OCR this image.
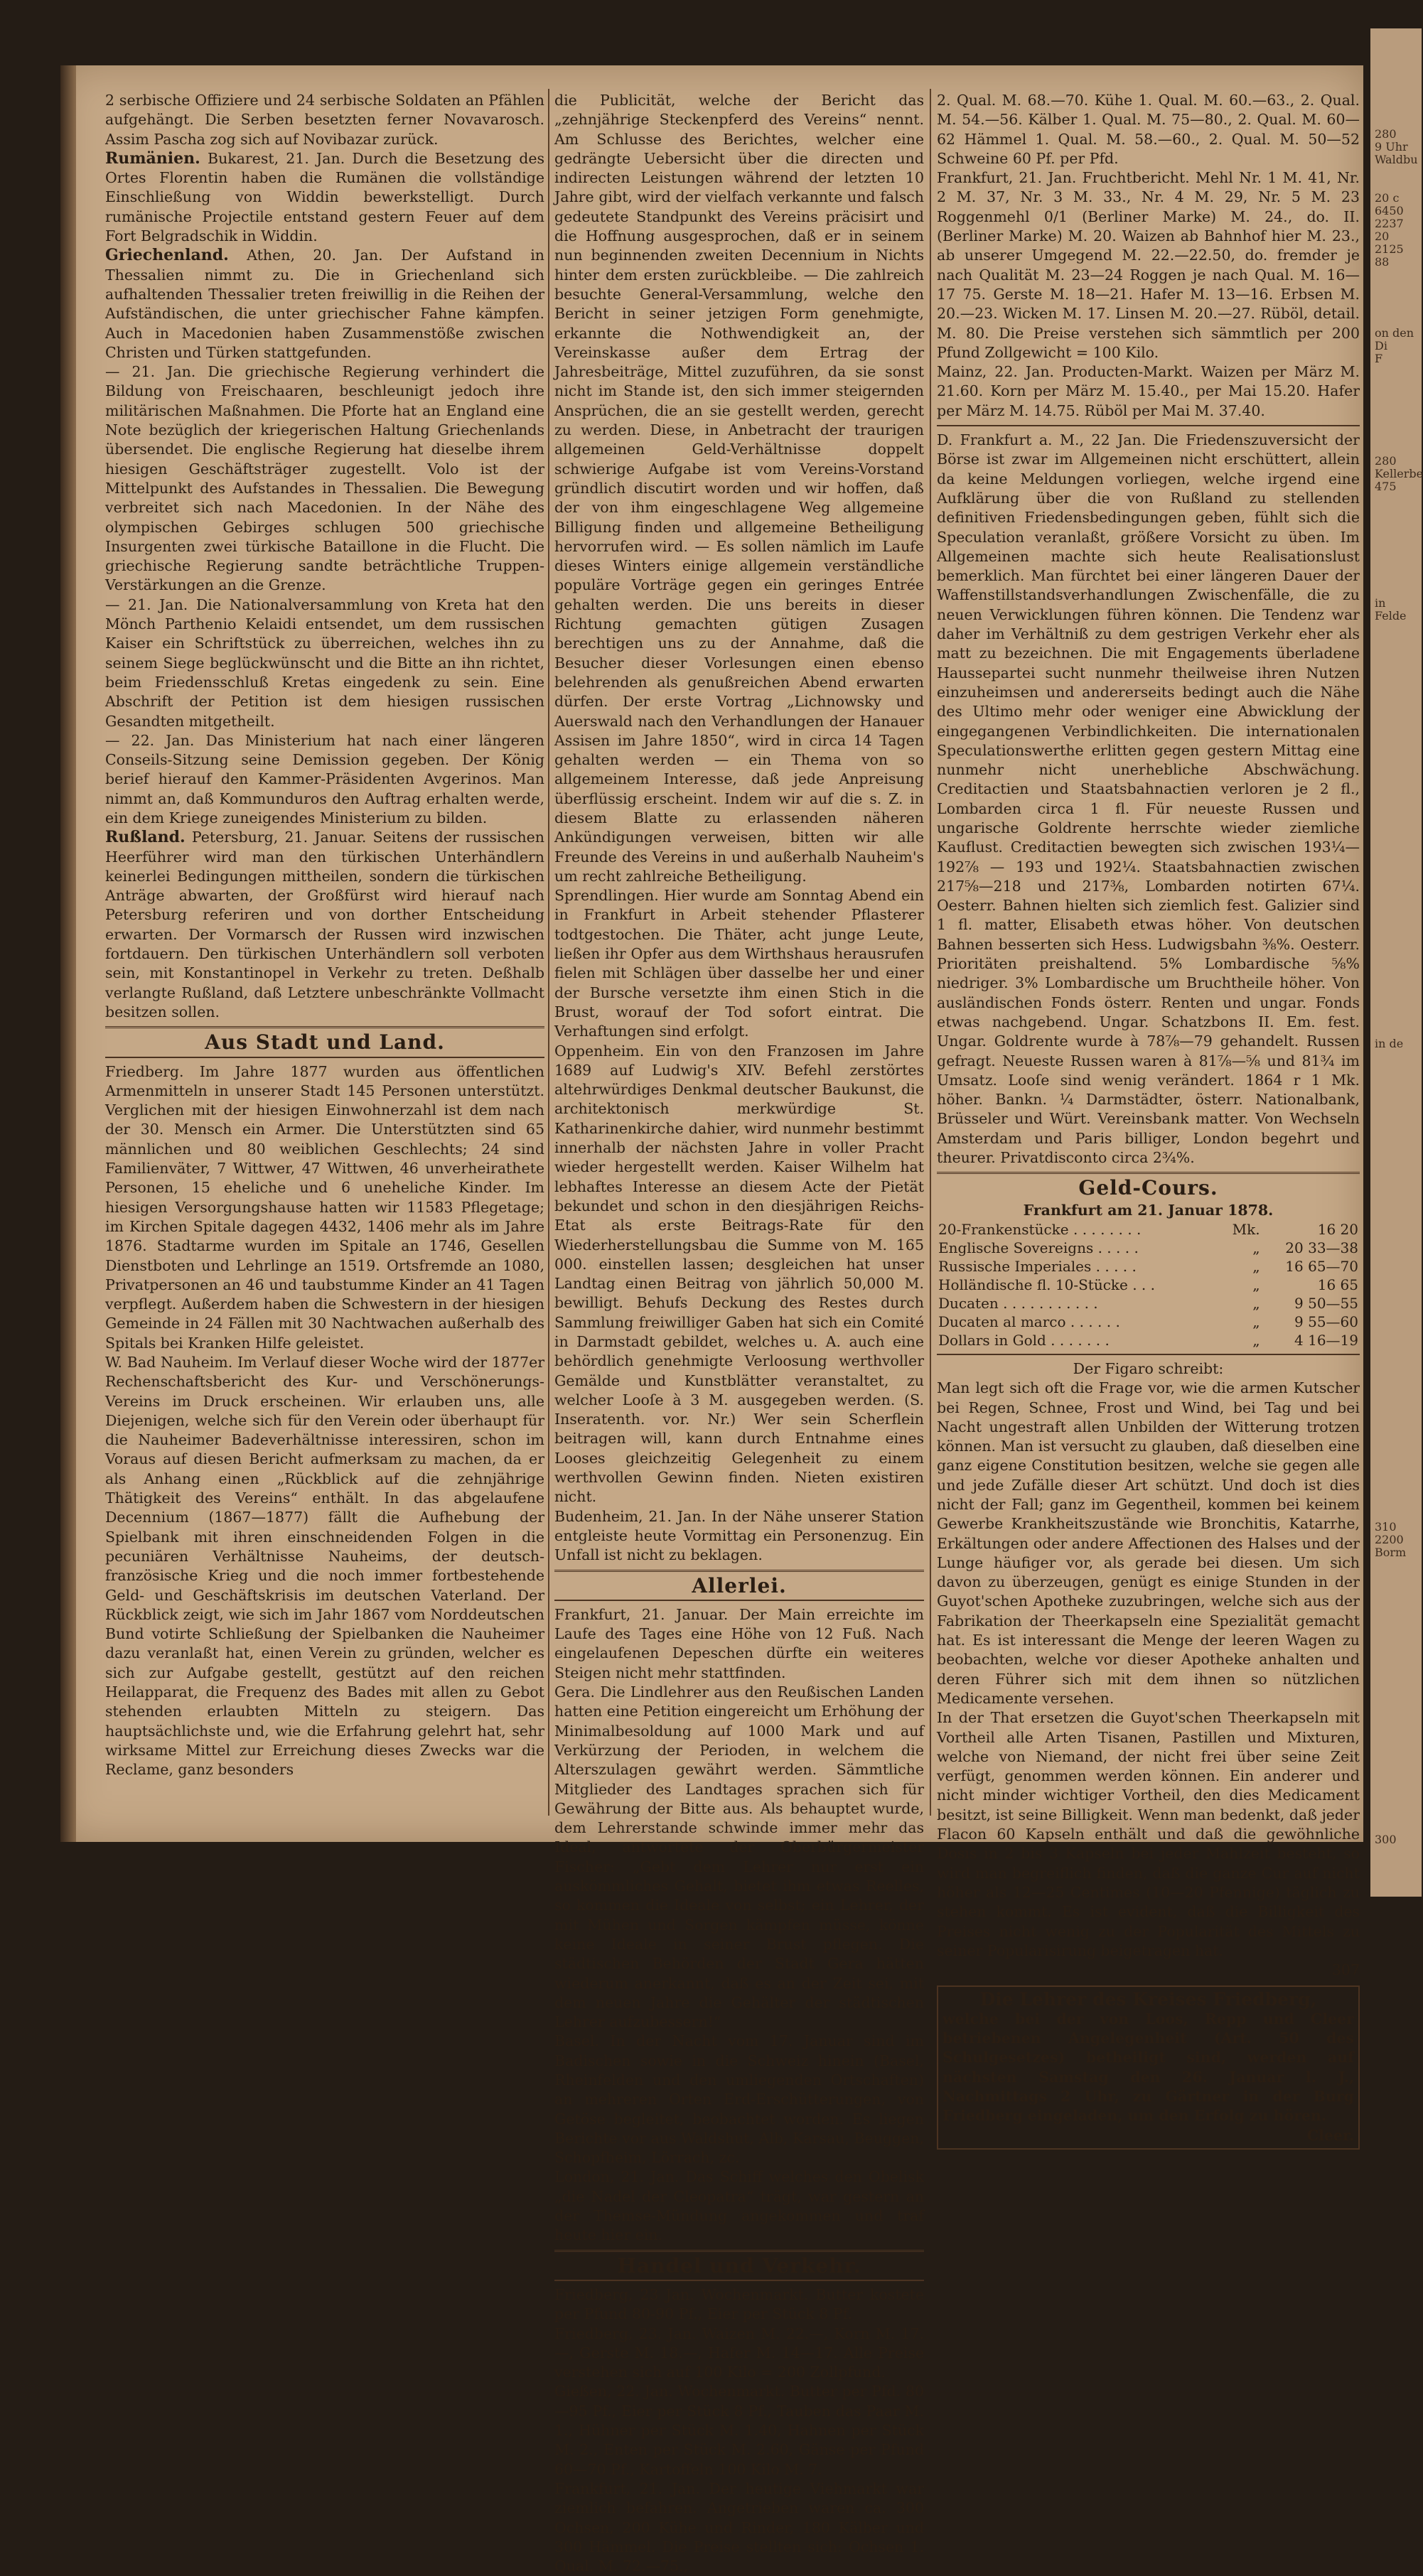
280
9 Uhr
Waldbu
20 c
6450
2237
20
2125
88
on den
Di
F
280
Kellerbe
475
in
Felde
in de
310
2200
Borm
300

2 serbische Offiziere und 24 serbische Soldaten an Pfählen aufgehängt. Die Serben besetzten ferner Novavarosch. Assim Pascha zog sich auf Novibazar zurück.

Rumänien. Bukarest, 21. Jan. Durch die Besetzung des Ortes Florentin haben die Rumänen die vollständige Einschließung von Widdin bewerkstelligt. Durch rumänische Projectile entstand gestern Feuer auf dem Fort Belgradschik in Widdin.

Griechenland. Athen, 20. Jan. Der Aufstand in Thessalien nimmt zu. Die in Griechenland sich aufhaltenden Thessalier treten freiwillig in die Reihen der Aufständischen, die unter griechischer Fahne kämpfen. Auch in Macedonien haben Zusammenstöße zwischen Christen und Türken stattgefunden.

— 21. Jan. Die griechische Regierung verhindert die Bildung von Freischaaren, beschleunigt jedoch ihre militärischen Maßnahmen. Die Pforte hat an England eine Note bezüglich der kriegerischen Haltung Griechenlands übersendet. Die englische Regierung hat dieselbe ihrem hiesigen Geschäftsträger zugestellt. Volo ist der Mittelpunkt des Aufstandes in Thessalien. Die Bewegung verbreitet sich nach Macedonien. In der Nähe des olympischen Gebirges schlugen 500 griechische Insurgenten zwei türkische Bataillone in die Flucht. Die griechische Regierung sandte beträchtliche Truppen-Verstärkungen an die Grenze.

— 21. Jan. Die Nationalversammlung von Kreta hat den Mönch Parthenio Kelaidi entsendet, um dem russischen Kaiser ein Schriftstück zu überreichen, welches ihn zu seinem Siege beglückwünscht und die Bitte an ihn richtet, beim Friedensschluß Kretas eingedenk zu sein. Eine Abschrift der Petition ist dem hiesigen russischen Gesandten mitgetheilt.

— 22. Jan. Das Ministerium hat nach einer längeren Conseils-Sitzung seine Demission gegeben. Der König berief hierauf den Kammer-Präsidenten Avgerinos. Man nimmt an, daß Kommunduros den Auftrag erhalten werde, ein dem Kriege zuneigendes Ministerium zu bilden.

Rußland. Petersburg, 21. Januar. Seitens der russischen Heerführer wird man den türkischen Unterhändlern keinerlei Bedingungen mittheilen, sondern die türkischen Anträge abwarten, der Großfürst wird hierauf nach Petersburg referiren und von dorther Entscheidung erwarten. Der Vormarsch der Russen wird inzwischen fortdauern. Den türkischen Unterhändlern soll verboten sein, mit Konstantinopel in Verkehr zu treten. Deßhalb verlangte Rußland, daß Letztere unbeschränkte Vollmacht besitzen sollen.

Aus Stadt und Land.

Friedberg. Im Jahre 1877 wurden aus öffentlichen Armenmitteln in unserer Stadt 145 Personen unterstützt. Verglichen mit der hiesigen Einwohnerzahl ist dem nach der 30. Mensch ein Armer. Die Unterstützten sind 65 männlichen und 80 weiblichen Geschlechts; 24 sind Familienväter, 7 Wittwer, 47 Wittwen, 46 unverheirathete Personen, 15 eheliche und 6 uneheliche Kinder. Im hiesigen Versorgungshause hatten wir 11583 Pflegetage; im Kirchen Spitale dagegen 4432, 1406 mehr als im Jahre 1876. Stadtarme wurden im Spitale an 1746, Gesellen Dienstboten und Lehrlinge an 1519. Ortsfremde an 1080, Privatpersonen an 46 und taubstumme Kinder an 41 Tagen verpflegt. Außerdem haben die Schwestern in der hiesigen Gemeinde in 24 Fällen mit 30 Nachtwachen außerhalb des Spitals bei Kranken Hilfe geleistet.

W. Bad Nauheim. Im Verlauf dieser Woche wird der 1877er Rechenschaftsbericht des Kur- und Verschönerungs-Vereins im Druck erscheinen. Wir erlauben uns, alle Diejenigen, welche sich für den Verein oder überhaupt für die Nauheimer Badeverhältnisse interessiren, schon im Voraus auf diesen Bericht aufmerksam zu machen, da er als Anhang einen „Rückblick auf die zehnjährige Thätigkeit des Vereins“ enthält. In das abgelaufene Decennium (1867—1877) fällt die Aufhebung der Spielbank mit ihren einschneidenden Folgen in die pecuniären Verhältnisse Nauheims, der deutsch-französische Krieg und die noch immer fortbestehende Geld- und Geschäftskrisis im deutschen Vaterland. Der Rückblick zeigt, wie sich im Jahr 1867 vom Norddeutschen Bund votirte Schließung der Spielbanken die Nauheimer dazu veranlaßt hat, einen Verein zu gründen, welcher es sich zur Aufgabe gestellt, gestützt auf den reichen Heilapparat, die Frequenz des Bades mit allen zu Gebot stehenden erlaubten Mitteln zu steigern. Das hauptsächlichste und, wie die Erfahrung gelehrt hat, sehr wirksame Mittel zur Erreichung dieses Zwecks war die Reclame, ganz besonders

die Publicität, welche der Bericht das „zehnjährige Steckenpferd des Vereins“ nennt. Am Schlusse des Berichtes, welcher eine gedrängte Uebersicht über die directen und indirecten Leistungen während der letzten 10 Jahre gibt, wird der vielfach verkannte und falsch gedeutete Standpunkt des Vereins präcisirt und die Hoffnung ausgesprochen, daß er in seinem nun beginnenden zweiten Decennium in Nichts hinter dem ersten zurückbleibe. — Die zahlreich besuchte General-Versammlung, welche den Bericht in seiner jetzigen Form genehmigte, erkannte die Nothwendigkeit an, der Vereinskasse außer dem Ertrag der Jahresbeiträge, Mittel zuzuführen, da sie sonst nicht im Stande ist, den sich immer steigernden Ansprüchen, die an sie gestellt werden, gerecht zu werden. Diese, in Anbetracht der traurigen allgemeinen Geld-Verhältnisse doppelt schwierige Aufgabe ist vom Vereins-Vorstand gründlich discutirt worden und wir hoffen, daß der von ihm eingeschlagene Weg allgemeine Billigung finden und allgemeine Betheiligung hervorrufen wird. — Es sollen nämlich im Laufe dieses Winters einige allgemein verständliche populäre Vorträge gegen ein geringes Entrée gehalten werden. Die uns bereits in dieser Richtung gemachten gütigen Zusagen berechtigen uns zu der Annahme, daß die Besucher dieser Vorlesungen einen ebenso belehrenden als genußreichen Abend erwarten dürfen. Der erste Vortrag „Lichnowsky und Auerswald nach den Verhandlungen der Hanauer Assisen im Jahre 1850“, wird in circa 14 Tagen gehalten werden — ein Thema von so allgemeinem Interesse, daß jede Anpreisung überflüssig erscheint. Indem wir auf die s. Z. in diesem Blatte zu erlassenden näheren Ankündigungen verweisen, bitten wir alle Freunde des Vereins in und außerhalb Nauheim's um recht zahlreiche Betheiligung.

Sprendlingen. Hier wurde am Sonntag Abend ein in Frankfurt in Arbeit stehender Pflasterer todtgestochen. Die Thäter, acht junge Leute, ließen ihr Opfer aus dem Wirthshaus herausrufen fielen mit Schlägen über dasselbe her und einer der Bursche versetzte ihm einen Stich in die Brust, worauf der Tod sofort eintrat. Die Verhaftungen sind erfolgt.

Oppenheim. Ein von den Franzosen im Jahre 1689 auf Ludwig's XIV. Befehl zerstörtes altehrwürdiges Denkmal deutscher Baukunst, die architektonisch merkwürdige St. Katharinenkirche dahier, wird nunmehr bestimmt innerhalb der nächsten Jahre in voller Pracht wieder hergestellt werden. Kaiser Wilhelm hat lebhaftes Interesse an diesem Acte der Pietät bekundet und schon in den diesjährigen Reichs-Etat als erste Beitrags-Rate für den Wiederherstellungsbau die Summe von M. 165 000. einstellen lassen; desgleichen hat unser Landtag einen Beitrag von jährlich 50,000 M. bewilligt. Behufs Deckung des Restes durch Sammlung freiwilliger Gaben hat sich ein Comité in Darmstadt gebildet, welches u. A. auch eine behördlich genehmigte Verloosung werthvoller Gemälde und Kunstblätter veranstaltet, zu welcher Looſe à 3 M. ausgegeben werden. (S. Inseratenth. vor. Nr.) Wer sein Scherflein beitragen will, kann durch Entnahme eines Looses gleichzeitig Gelegenheit zu einem werthvollen Gewinn finden. Nieten existiren nicht.

Budenheim, 21. Jan. In der Nähe unserer Station entgleiste heute Vormittag ein Personenzug. Ein Unfall ist nicht zu beklagen.

Allerlei.

Frankfurt, 21. Januar. Der Main erreichte im Laufe des Tages eine Höhe von 12 Fuß. Nach eingelaufenen Depeschen dürfte ein weiteres Steigen nicht mehr stattfinden.

Gera. Die Lindlehrer aus den Reußischen Landen hatten eine Petition eingereicht um Erhöhung der Minimalbesoldung auf 1000 Mark und auf Verkürzung der Perioden, in welchem die Alterszulagen gewährt werden. Sämmtliche Mitglieder des Landtages sprachen sich für Gewährung der Bitte aus. Als behauptet wurde, dem Lehrerstande schwinde immer mehr das Ideal, antwortete der Oberbürgermeister Fischer: „Gebt dem Lehrer nur erst ein auskömmliches Gehalt, bietet ihm etwas Reelles, so kommen die Ideale von selbst; ein Lehrer, der mit Mühen und Sorgen kämpfen müsse, könne keine Ideale in seiner Brust pflegen. Die städtischen Behörden der Stadt Gera hätten wiederum anerkannt, daß es an der Zeit sei, mit dem neuen Jahre die Gehälter der städtischen Lehrer aufzubessern!“

Basel. In der Nacht vom 17. Januar sind im Badischen sowie in die Schweiz hinein (Basel, Rheinfelden und den umliegenden Ortschaften) an mehreren Orten Erd-Erschütterungen, von Getöse begleitet, beobachtet worden. Es liegen Berichte vor aus Waldshut, Alb, Karsau, Beuggen, Schopfheim, Lörrach, zc.

London, 21. Jan. Das Schiff welches den Obelisk „die Nadel der Cleopatra“ trägt, war gestern an der Themse-Mündung angekommen und traf heute hier ein.

Handel und Verkehr.

Friedberg, 23 Jan. Wochenmarkt. Butter kostete per Pfund 80-90 Pf., Eier per Stück 8 Pf.

Friedberg, 23. Jan. Waizen M. 22.—, Korn M. 17.—, Gerste M. 18.—, Hafer M. 14—17. Alle Preise verstehen sich auf 100 Kilo = 200 Zollpfund.

Gießen, 22. Jan. Wochenmarkt. Butter per Pfd. 80—95 Pf., Eier per Stück 8 Pf., Tauben das Paar M. 1., Hühner per Stück M. 1.40, Hahnen per Stück M. 2., Enten per Stück M. 2.60, Gänse per Pfund 60—70 Pf., Kartoffeln 100 Kilo M. 7.

Frankfurt, 21. Jan. Der heutige Viehmarkt war ziemlich befahren. Angetrieben waren ca. 300 Ochsen, 200 Kühe und Rinder, 180 Kälber und 300 Hämmel. Die Preise stellten sich: Ochsen 1. Qual. M. 72.—75.,

2. Qual. M. 68.—70. Kühe 1. Qual. M. 60.—63., 2. Qual. M. 54.—56. Kälber 1. Qual. M. 75—80., 2. Qual. M. 60—62 Hämmel 1. Qual. M. 58.—60., 2. Qual. M. 50—52 Schweine 60 Pf. per Pfd.

Frankfurt, 21. Jan. Fruchtbericht. Mehl Nr. 1 M. 41, Nr. 2 M. 37, Nr. 3 M. 33., Nr. 4 M. 29, Nr. 5 M. 23 Roggenmehl 0/1 (Berliner Marke) M. 24., do. II. (Berliner Marke) M. 20. Waizen ab Bahnhof hier M. 23., ab unserer Umgegend M. 22.—22.50, do. fremder je nach Qualität M. 23—24 Roggen je nach Qual. M. 16—17 75. Gerste M. 18—21. Hafer M. 13—16. Erbsen M. 20.—23. Wicken M. 17. Linsen M. 20.—27. Rüböl, detail. M. 80. Die Preise verstehen sich sämmtlich per 200 Pfund Zollgewicht = 100 Kilo.

Mainz, 22. Jan. Producten-Markt. Waizen per März M. 21.60. Korn per März M. 15.40., per Mai 15.20. Hafer per März M. 14.75. Rüböl per Mai M. 37.40.

D. Frankfurt a. M., 22 Jan. Die Friedenszuversicht der Börse ist zwar im Allgemeinen nicht erschüttert, allein da keine Meldungen vorliegen, welche irgend eine Aufklärung über die von Rußland zu stellenden definitiven Friedensbedingungen geben, fühlt sich die Speculation veranlaßt, größere Vorsicht zu üben. Im Allgemeinen machte sich heute Realisationslust bemerklich. Man fürchtet bei einer längeren Dauer der Waffenstillstandsverhandlungen Zwischenfälle, die zu neuen Verwicklungen führen können. Die Tendenz war daher im Verhältniß zu dem gestrigen Verkehr eher als matt zu bezeichnen. Die mit Engagements überladene Haussepartei sucht nunmehr theilweise ihren Nutzen einzuheimsen und andererseits bedingt auch die Nähe des Ultimo mehr oder weniger eine Abwicklung der eingegangenen Verbindlichkeiten. Die internationalen Speculationswerthe erlitten gegen gestern Mittag eine nunmehr nicht unerhebliche Abschwächung. Creditactien und Staatsbahnactien verloren je 2 fl., Lombarden circa 1 fl. Für neueste Russen und ungarische Goldrente herrschte wieder ziemliche Kauflust. Creditactien bewegten sich zwischen 193¼—192⅞ — 193 und 192¼. Staatsbahnactien zwischen 217⅝—218 und 217⅜, Lombarden notirten 67¼. Oesterr. Bahnen hielten sich ziemlich fest. Galizier sind 1 fl. matter, Elisabeth etwas höher. Von deutschen Bahnen besserten sich Hess. Ludwigsbahn ⅜%. Oesterr. Prioritäten preishaltend. 5% Lombardische ⅝% niedriger. 3% Lombardische um Bruchtheile höher. Von ausländischen Fonds österr. Renten und ungar. Fonds etwas nachgebend. Ungar. Schatzbons II. Em. fest. Ungar. Goldrente wurde à 78⅞—79 gehandelt. Russen gefragt. Neueste Russen waren à 81⅞—⅝ und 81¾ im Umsatz. Looſe sind wenig verändert. 1864 r 1 Mk. höher. Bankn. ¼ Darmstädter, österr. Nationalbank, Brüsseler und Würt. Vereinsbank matter. Von Wechseln Amsterdam und Paris billiger, London begehrt und theurer. Privatdisconto circa 2¾%.

Geld-Cours.
Frankfurt am 21. Januar 1878.
20-Frankenstücke . . . . . . . .	Mk.	16 20
Englische Sovereigns . . . . .	„	20 33—38
Russische Imperiales . . . . .	„	16 65—70
Holländische fl. 10-Stücke . . .	„	16 65
Ducaten . . . . . . . . . . .	„	9 50—55
Ducaten al marco . . . . . .	„	9 55—60
Dollars in Gold . . . . . . .	„	4 16—19

Der Figaro schreibt:

Man legt sich oft die Frage vor, wie die armen Kutscher bei Regen, Schnee, Frost und Wind, bei Tag und bei Nacht ungestraft allen Unbilden der Witterung trotzen können. Man ist versucht zu glauben, daß dieselben eine ganz eigene Constitution besitzen, welche sie gegen alle und jede Zufälle dieser Art schützt. Und doch ist dies nicht der Fall; ganz im Gegentheil, kommen bei keinem Gewerbe Krankheitszustände wie Bronchitis, Katarrhe, Erkältungen oder andere Affectionen des Halses und der Lunge häufiger vor, als gerade bei diesen. Um sich davon zu überzeugen, genügt es einige Stunden in der Guyot'schen Apotheke zuzubringen, welche sich aus der Fabrikation der Theerkapseln eine Spezialität gemacht hat. Es ist interessant die Menge der leeren Wagen zu beobachten, welche vor dieser Apotheke anhalten und deren Führer sich mit dem ihnen so nützlichen Medicamente versehen.

In der That ersetzen die Guyot'schen Theerkapseln mit Vortheil alle Arten Tisanen, Pastillen und Mixturen, welche von Niemand, der nicht frei über seine Zeit verfügt, genommen werden können. Ein anderer und nicht minder wichtiger Vortheil, den dies Medicament besitzt, ist seine Billigkeit. Wenn man bedenkt, daß jeder Flacon 60 Kapseln enthält und daß die gewöhnliche Dosis in 2 bis 3 Kapseln bei jeder Mahlzeit besteht, so wird man begreiflich finden, daß die ganze Cur auf nicht höher als 12—25 Centimes (10—20 Pfennige) täglich zu stehen kommt. Es ist evident, daß die Billigkeit des Preises nicht wenig zu der Popularität des Mittels zu seiner Popularisirung beigetragen hat.

307

Die Lehrer des Kreises Friedberg,

welche bei der von Loos, Repp und Cleer betriebenen Angelegenheit (Art. 50 des Schulgesetzes) betheiligt sind, werden auf nächsten Samstag den 26. Januar l. J., Nachmittags 2 Uhr, zu Gärtner in der Burg Friedberg eingeladen, um den Erfolg zu hören.

Cleer.
